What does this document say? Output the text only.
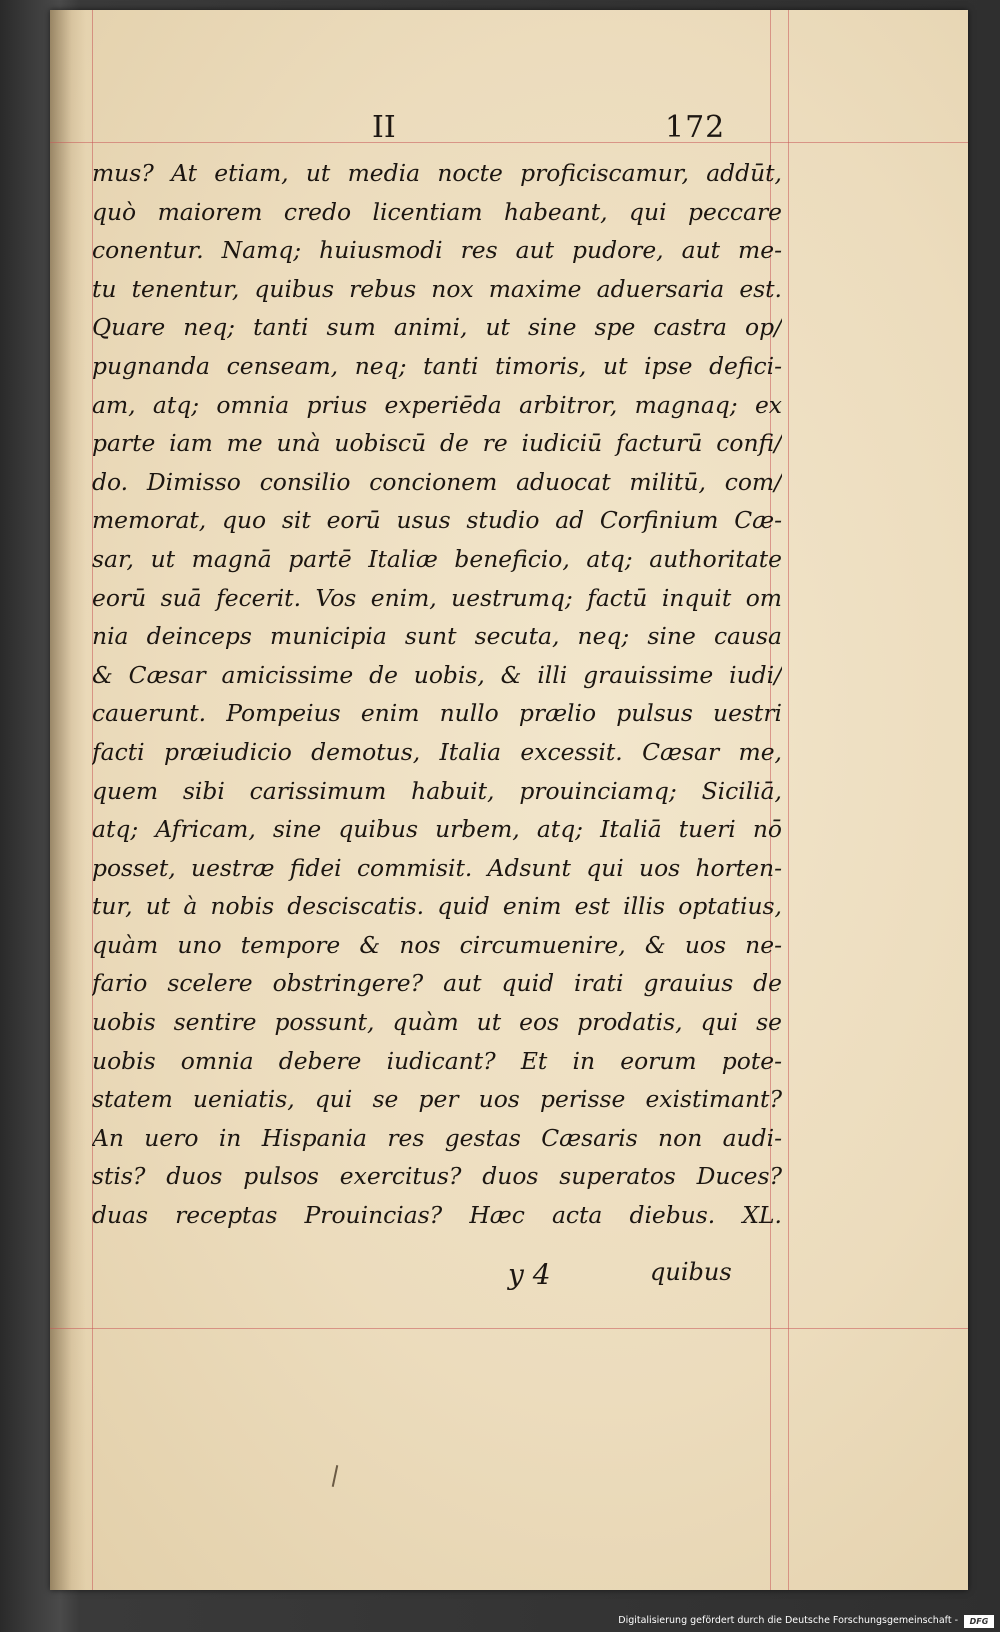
II	172
mus? At etiam, ut media nocte proficiscamur, addūt,
quò maiorem credo licentiam habeant, qui peccare
conentur. Namq; huiusmodi res aut pudore, aut me-
tu tenentur, quibus rebus nox maxime aduersaria est.
Quare neq; tanti sum animi, ut sine spe castra op/
pugnanda censeam, neq; tanti timoris, ut ipse defici-
am, atq; omnia prius experiēda arbitror, magnaq; ex
parte iam me unà uobiscū de re iudiciū facturū confi/
do. Dimisso consilio concionem aduocat militū, com/
memorat, quo sit eorū usus studio ad Corfinium Cæ-
sar, ut magnā partē Italiæ beneficio, atq; authoritate
eorū suā fecerit. Vos enim, uestrumq; factū inquit om
nia deinceps municipia sunt secuta, neq; sine causa
& Cæsar amicissime de uobis, & illi grauissime iudi/
cauerunt. Pompeius enim nullo prælio pulsus uestri
facti præiudicio demotus, Italia excessit. Cæsar me,
quem sibi carissimum habuit, prouinciamq; Siciliā,
atq; Africam, sine quibus urbem, atq; Italiā tueri nō
posset, uestræ fidei commisit. Adsunt qui uos horten-
tur, ut à nobis desciscatis. quid enim est illis optatius,
quàm uno tempore & nos circumuenire, & uos ne-
fario scelere obstringere? aut quid irati grauius de
uobis sentire possunt, quàm ut eos prodatis, qui se
uobis omnia debere iudicant? Et in eorum pote-
statem ueniatis, qui se per uos perisse existimant?
An uero in Hispania res gestas Cæsaris non audi-
stis? duos pulsos exercitus? duos superatos Duces?
duas receptas Prouincias? Hæc acta diebus. XL.
y 4	quibus
Digitalisierung gefördert durch die Deutsche Forschungsgemeinschaft -	DFG
